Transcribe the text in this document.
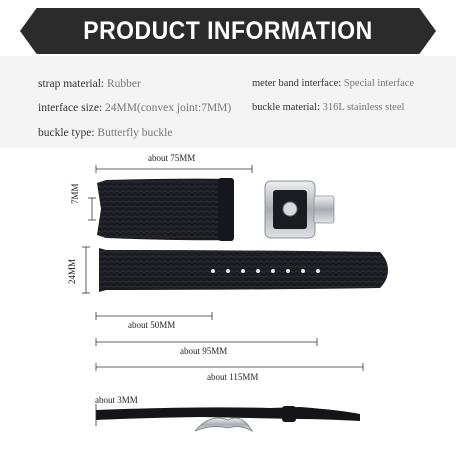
PRODUCT INFORMATION
strap material: Rubber
interface size: 24MM(convex joint:7MM)
buckle type: Butterfly buckle
meter band interface: Special interface
buckle material: 316L stainless steel
about 75MM
7MM
24MM
about 50MM
about 95MM
about 115MM
about 3MM
